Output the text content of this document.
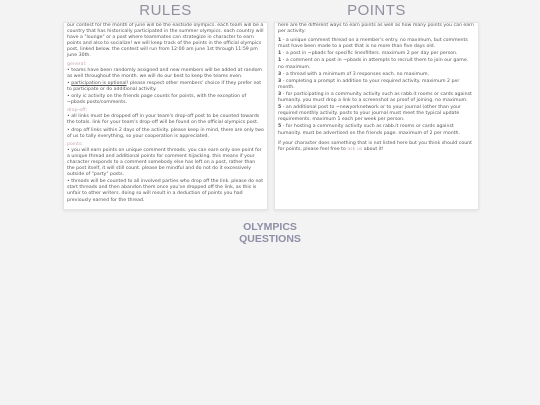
RULES	POINTS
our contest for the month of june will be the eastside olympics. each team will be a country that has historically participated in the summer olympics. each country will have a "lounge" or a post where teammates can strategize in character to earn points and also to socialize! we will keep track of the points in the official olympics post, linked below. the contest will run from 12:00 am june 1st through 11:59 pm june 30th.
general:
• teams have been randomly assigned and new members will be added at random as well throughout the month. we will do our best to keep the teams even.
• participation is optional! please respect other members' choice if they prefer not to participate or do additional activity.
• only ic activity on the friends page counts for points, with the exception of ~pbads posts/comments.
drop-off:
• all links must be dropped off in your team's drop-off post to be counted towards the totals. link for your team's drop-off will be found on the official olympics post.
• drop off links within 2 days of the activity. please keep in mind, there are only two of us to tally everything, so your cooperation is appreciated.
points:
• you will earn points on unique comment threads. you can earn only one point for a unique thread and additional points for comment hijacking. this means if your character responds to a comment somebody else has left on a post, rather than the post itself, it will still count. please be mindful and do not do it excessively outside of "party" posts.
• threads will be counted to all involved parties who drop off the link. please do not start threads and then abandon them once you've dropped off the link, as this is unfair to other writers. doing so will result in a deduction of points you had previously earned for the thread.
here are the different ways to earn points as well as how many points you can earn per activity:
1 - a unique comment thread on a member's entry. no maximum, but comments must have been made to a post that is no more than five days old.
1 - a post in ~pbads for specific linesfilters. maximum 2 per day per person.
1 - a comment on a post in ~pbads in attempts to recruit them to join our game. no maximum.
3 - a thread with a minimum of 3 responses each. no maximum.
3 - completing a prompt in addition to your required activity. maximum 2 per month.
3 - for participating in a community activity such as rabb.it rooms or cards against humanity. you must drop a link to a screenshot as proof of joining. no maximum.
5 - an additional post to ~newyorknetwork or to your journal (other than your required monthly activity. posts to your journal must meet the typical update requirements. maximum 1 each per week per person.
5 - for hosting a community activity such as rabb.it rooms or cards against humanity. must be advertised on the friends page. maximum of 2 per month.
if your character does something that is not listed here but you think should count for points, please feel free to ask us about it!
OLYMPICS
QUESTIONS
